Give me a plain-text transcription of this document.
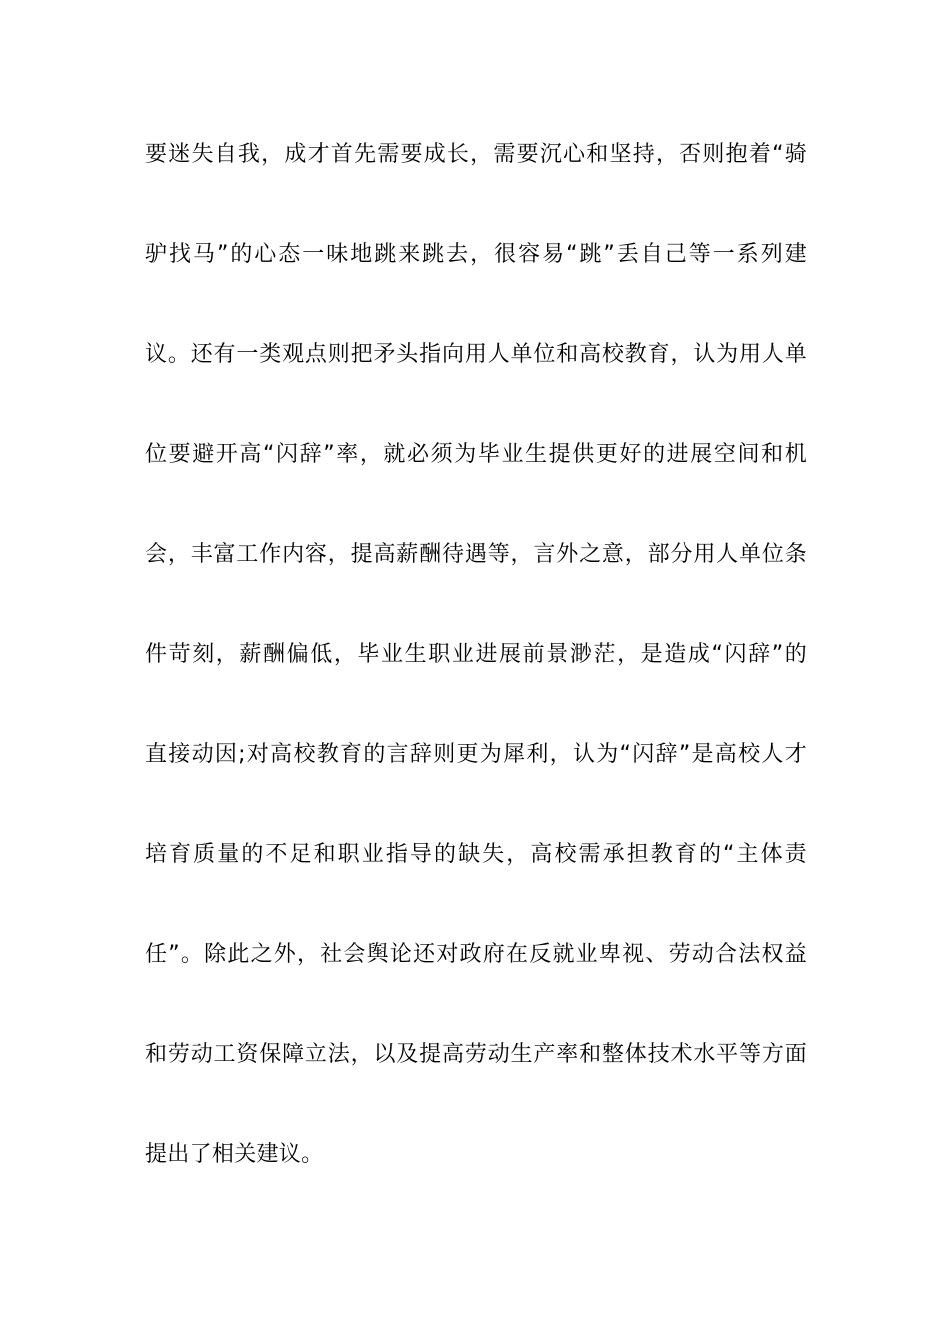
要迷失自我，成才首先需要成长，需要沉心和坚持，否则抱着“骑
驴找马”的心态一味地跳来跳去，很容易“跳”丢自己等一系列建
议。还有一类观点则把矛头指向用人单位和高校教育，认为用人单
位要避开高“闪辞”率，就必须为毕业生提供更好的进展空间和机
会，丰富工作内容，提高薪酬待遇等，言外之意，部分用人单位条
件苛刻，薪酬偏低，毕业生职业进展前景渺茫，是造成“闪辞”的
直接动因;对高校教育的言辞则更为犀利，认为“闪辞”是高校人才
培育质量的不足和职业指导的缺失，高校需承担教育的“主体责
任”。除此之外，社会舆论还对政府在反就业卑视、劳动合法权益
和劳动工资保障立法，以及提高劳动生产率和整体技术水平等方面
提出了相关建议。
